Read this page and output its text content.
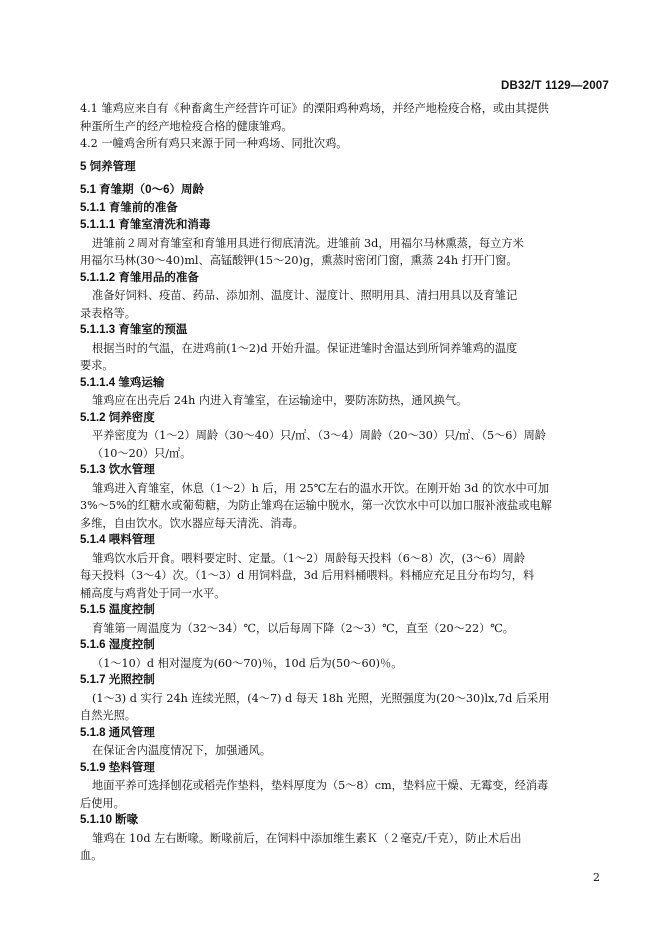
DB32/T 1129—2007
4.1 雏鸡应来自有《种畜禽生产经营许可证》的溧阳鸡种鸡场，并经产地检疫合格，或由其提供
种蛋所生产的经产地检疫合格的健康雏鸡。
4.2 一幢鸡舍所有鸡只来源于同一种鸡场、同批次鸡。
5 饲养管理
5.1 育雏期（0～6）周龄
5.1.1 育雏前的准备
5.1.1.1 育雏室清洗和消毒
进雏前２周对育雏室和育雏用具进行彻底清洗。进雏前 3d，用福尔马林熏蒸，每立方米
用福尔马林(30～40)ml、高锰酸钾(15～20)g，熏蒸时密闭门窗，熏蒸 24h 打开门窗。
5.1.1.2 育雏用品的准备
准备好饲料、疫苗、药品、添加剂、温度计、湿度计、照明用具、清扫用具以及育雏记
录表格等。
5.1.1.3 育雏室的预温
根据当时的气温，在进鸡前(1～2)d 开始升温。保证进雏时舍温达到所饲养雏鸡的温度
要求。
5.1.1.4 雏鸡运输
雏鸡应在出壳后 24h 内进入育雏室，在运输途中，要防冻防热，通风换气。
5.1.2 饲养密度
平养密度为（1～2）周龄（30～40）只/㎡、（3～4）周龄（20～30）只/㎡、（5～6）周龄
（10～20）只/㎡。
5.1.3 饮水管理
雏鸡进入育雏室，休息（1～2）h 后，用 25℃左右的温水开饮。在刚开始 3d 的饮水中可加
3%～5%的红糖水或葡萄糖，为防止雏鸡在运输中脱水，第一次饮水中可以加口服补液盐或电解
多维，自由饮水。饮水器应每天清洗、消毒。
5.1.4 喂料管理
雏鸡饮水后开食。喂料要定时、定量。（1～2）周龄每天投料（6～8）次，(3～6）周龄
每天投料（3～4）次。（1～3）d 用饲料盘，3d 后用料桶喂料。料桶应充足且分布均匀，料
桶高度与鸡背处于同一水平。
5.1.5 温度控制
育雏第一周温度为（32～34）℃，以后每周下降（2～3）℃，直至（20～22）℃。
5.1.6 湿度控制
（1～10）d 相对湿度为(60～70)％，10d 后为(50～60)％。
5.1.7 光照控制
(1～3) d 实行 24h 连续光照，(4～7) d 每天 18h 光照，光照强度为(20～30)lx,7d 后采用
自然光照。
5.1.8 通风管理
在保证舍内温度情况下，加强通风。
5.1.9 垫料管理
地面平养可选择刨花或稻壳作垫料，垫料厚度为（5～8）cm，垫料应干燥、无霉变，经消毒
后使用。
5.1.10 断喙
雏鸡在 10d 左右断喙。断喙前后，在饲料中添加维生素Ｋ（２毫克/千克），防止术后出
血。
2
